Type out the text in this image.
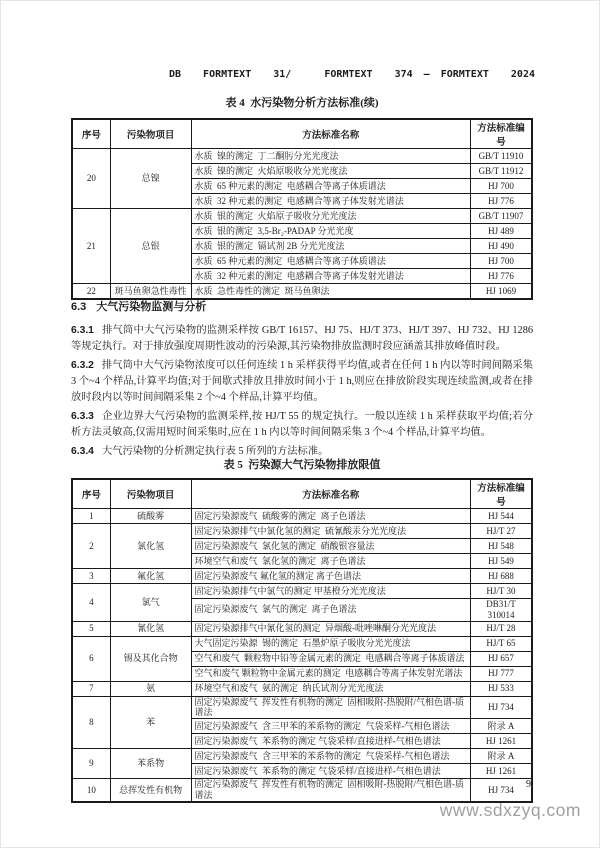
DB  FORMTEXT  31/   FORMTEXT  374 — FORMTEXT  2024
表 4  水污染物分析方法标准(续)
序号	污染物项目	方法标准名称	方法标准编号
20	总镍	水质  镍的测定  丁二酮肟分光光度法	GB/T 11910
		水质  镍的测定  火焰原吸收分光光度法	GB/T 11912
		水质  65 种元素的测定  电感耦合等离子体质谱法	HJ 700
		水质  32 种元素的测定  电感耦合等离子体发射光谱法	HJ 776
21	总银	水质  银的测定  火焰原子吸收分光光度法	GB/T 11907
		水质  银的测定  3,5-Br₂-PADAP 分光光度	HJ 489
		水质  银的测定  镉试剂 2B 分光光度法	HJ 490
		水质  65 种元素的测定  电感耦合等离子体质谱法	HJ 700
		水质  32 种元素的测定  电感耦合等离子体发射光谱法	HJ 776
22	斑马鱼卵急性毒性	水质  急性毒性的测定  斑马鱼卵法	HJ 1069
6.3 大气污染物监测与分析
6.3.1 排气筒中大气污染物的监测采样按 GB/T 16157、HJ 75、HJ/T 373、HJ/T 397、HJ 732、HJ 1286 等规定执行。对于排放强度周期性波动的污染源,其污染物排放监测时段应涵盖其排放峰值时段。
6.3.2 排气筒中大气污染物浓度可以任何连续 1 h 采样获得平均值,或者在任何 1 h 内以等时间间隔采集 3 个~4 个样品,计算平均值;对于间歇式排放且排放时间小于 1 h,则应在排放阶段实现连续监测,或者在排放时段内以等时间间隔采集 2 个~4 个样品,计算平均值。
6.3.3 企业边界大气污染物的监测采样,按 HJ/T 55 的规定执行。一般以连续 1 h 采样获取平均值;若分析方法灵敏高,仅需用短时间采集时,应在 1 h 内以等时间间隔采集 3 个~4 个样品,计算平均值。
6.3.4 大气污染物的分析测定执行表 5 所列的方法标准。
表 5  污染源大气污染物排放限值
序号	污染物项目	方法标准名称	方法标准编号
1	硫酸雾	固定污染源废气  硫酸雾的测定  离子色谱法	HJ 544
2	氯化氢	固定污染源排气中氯化氢的测定  硫氰酸汞分光光度法	HJ/T 27
		固定污染源废气  氯化氢的测定  硝酸银容量法	HJ 548
		环境空气和废气  氯化氢的测定  离子色谱法	HJ 549
3	氟化氢	固定污染源废气 氟化氢的测定 离子色谱法	HJ 688
4	氯气	固定污染源排气中氯气的测定 甲基橙分光光度法	HJ/T 30
		固定污染源废气  氯气的测定  离子色谱法	DB31/T 310014
5	氰化氢	固定污染源排气中氰化氢的测定  异烟酸-吡唑啉酮分光光度法	HJ/T 28
6	锡及其化合物	大气固定污染源  锡的测定  石墨炉原子吸收分光光度法	HJ/T 65
		空气和废气  颗粒物中铅等金属元素的测定  电感耦合等离子体质谱法	HJ 657
		空气和废气 颗粒物中金属元素的测定  电感耦合等离子体发射光谱法	HJ 777
7	氨	环境空气和废气  氨的测定  纳氏试剂分光光度法	HJ 533
8	苯	固定污染源废气  挥发性有机物的测定  固相吸附-热脱附/气相色谱-质谱法	HJ 734
		固定污染源废气  含三甲苯的苯系物的测定  气袋采样-气相色谱法	附录 A
		固定污染源废气  苯系物的测定 气袋采样/直接进样-气相色谱法	HJ 1261
9	苯系物	固定污染源废气  含三甲苯的苯系物的测定  气袋采样-气相色谱法	附录 A
		固定污染源废气  苯系物的测定 气袋采样/直接进样-气相色谱法	HJ 1261
10	总挥发性有机物	固定污染源废气  挥发性有机物的测定  固相吸附-热脱附/气相色谱-质谱法	HJ 734	9
www.sdxzyq.com
